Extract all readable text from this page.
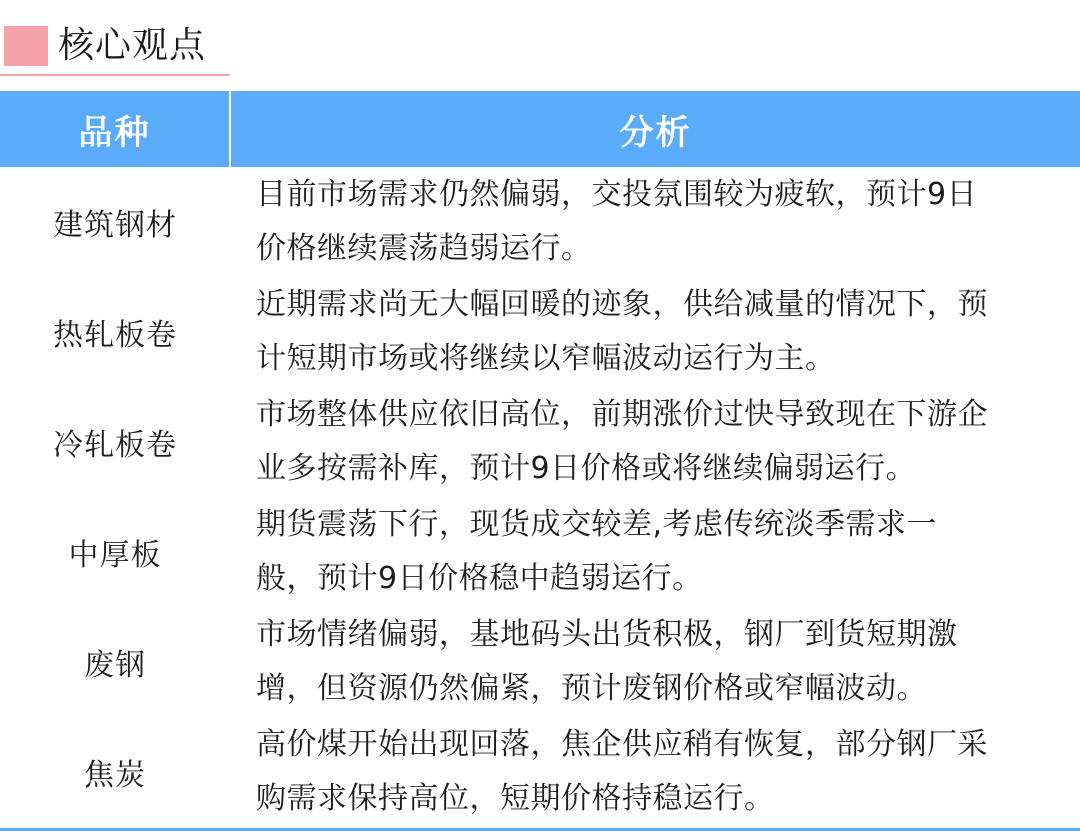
核心观点
品种	分析
建筑钢材	目前市场需求仍然偏弱，交投氛围较为疲软，预计9日
价格继续震荡趋弱运行。

热轧板卷	近期需求尚无大幅回暖的迹象，供给减量的情况下，预
计短期市场或将继续以窄幅波动运行为主。

冷轧板卷	市场整体供应依旧高位，前期涨价过快导致现在下游企
业多按需补库，预计9日价格或将继续偏弱运行。

中厚板	期货震荡下行，现货成交较差,考虑传统淡季需求一
般，预计9日价格稳中趋弱运行。

废钢	市场情绪偏弱，基地码头出货积极，钢厂到货短期激
增，但资源仍然偏紧，预计废钢价格或窄幅波动。

焦炭	高价煤开始出现回落，焦企供应稍有恢复，部分钢厂采
购需求保持高位，短期价格持稳运行。
